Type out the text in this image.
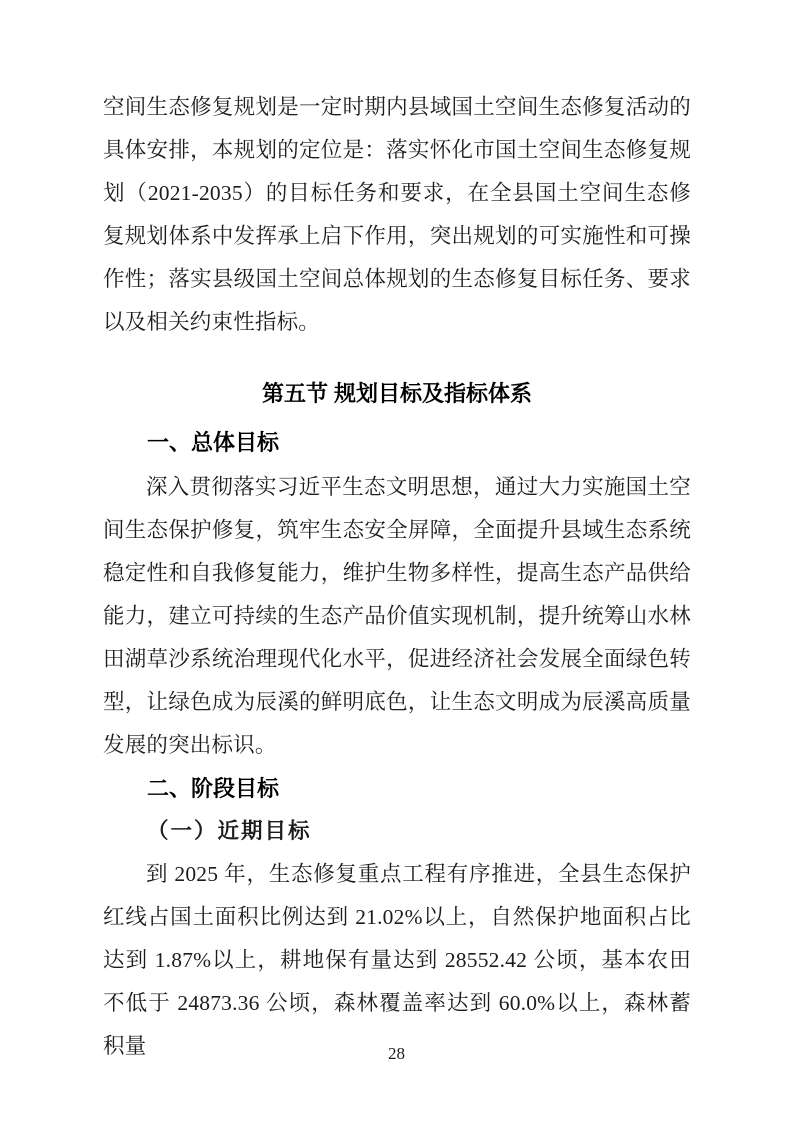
空间生态修复规划是一定时期内县域国土空间生态修复活动的具体安排，本规划的定位是：落实怀化市国土空间生态修复规划（2021-2035）的目标任务和要求，在全县国土空间生态修复规划体系中发挥承上启下作用，突出规划的可实施性和可操作性；落实县级国土空间总体规划的生态修复目标任务、要求以及相关约束性指标。

第五节 规划目标及指标体系
一、总体目标

深入贯彻落实习近平生态文明思想，通过大力实施国土空间生态保护修复，筑牢生态安全屏障，全面提升县域生态系统稳定性和自我修复能力，维护生物多样性，提高生态产品供给能力，建立可持续的生态产品价值实现机制，提升统筹山水林田湖草沙系统治理现代化水平，促进经济社会发展全面绿色转型，让绿色成为辰溪的鲜明底色，让生态文明成为辰溪高质量发展的突出标识。

二、阶段目标
（一）近期目标

到 2025 年，生态修复重点工程有序推进，全县生态保护红线占国土面积比例达到 21.02%以上，自然保护地面积占比达到 1.87%以上，耕地保有量达到 28552.42 公顷，基本农田不低于 24873.36 公顷，森林覆盖率达到 60.0%以上，森林蓄积量	28
